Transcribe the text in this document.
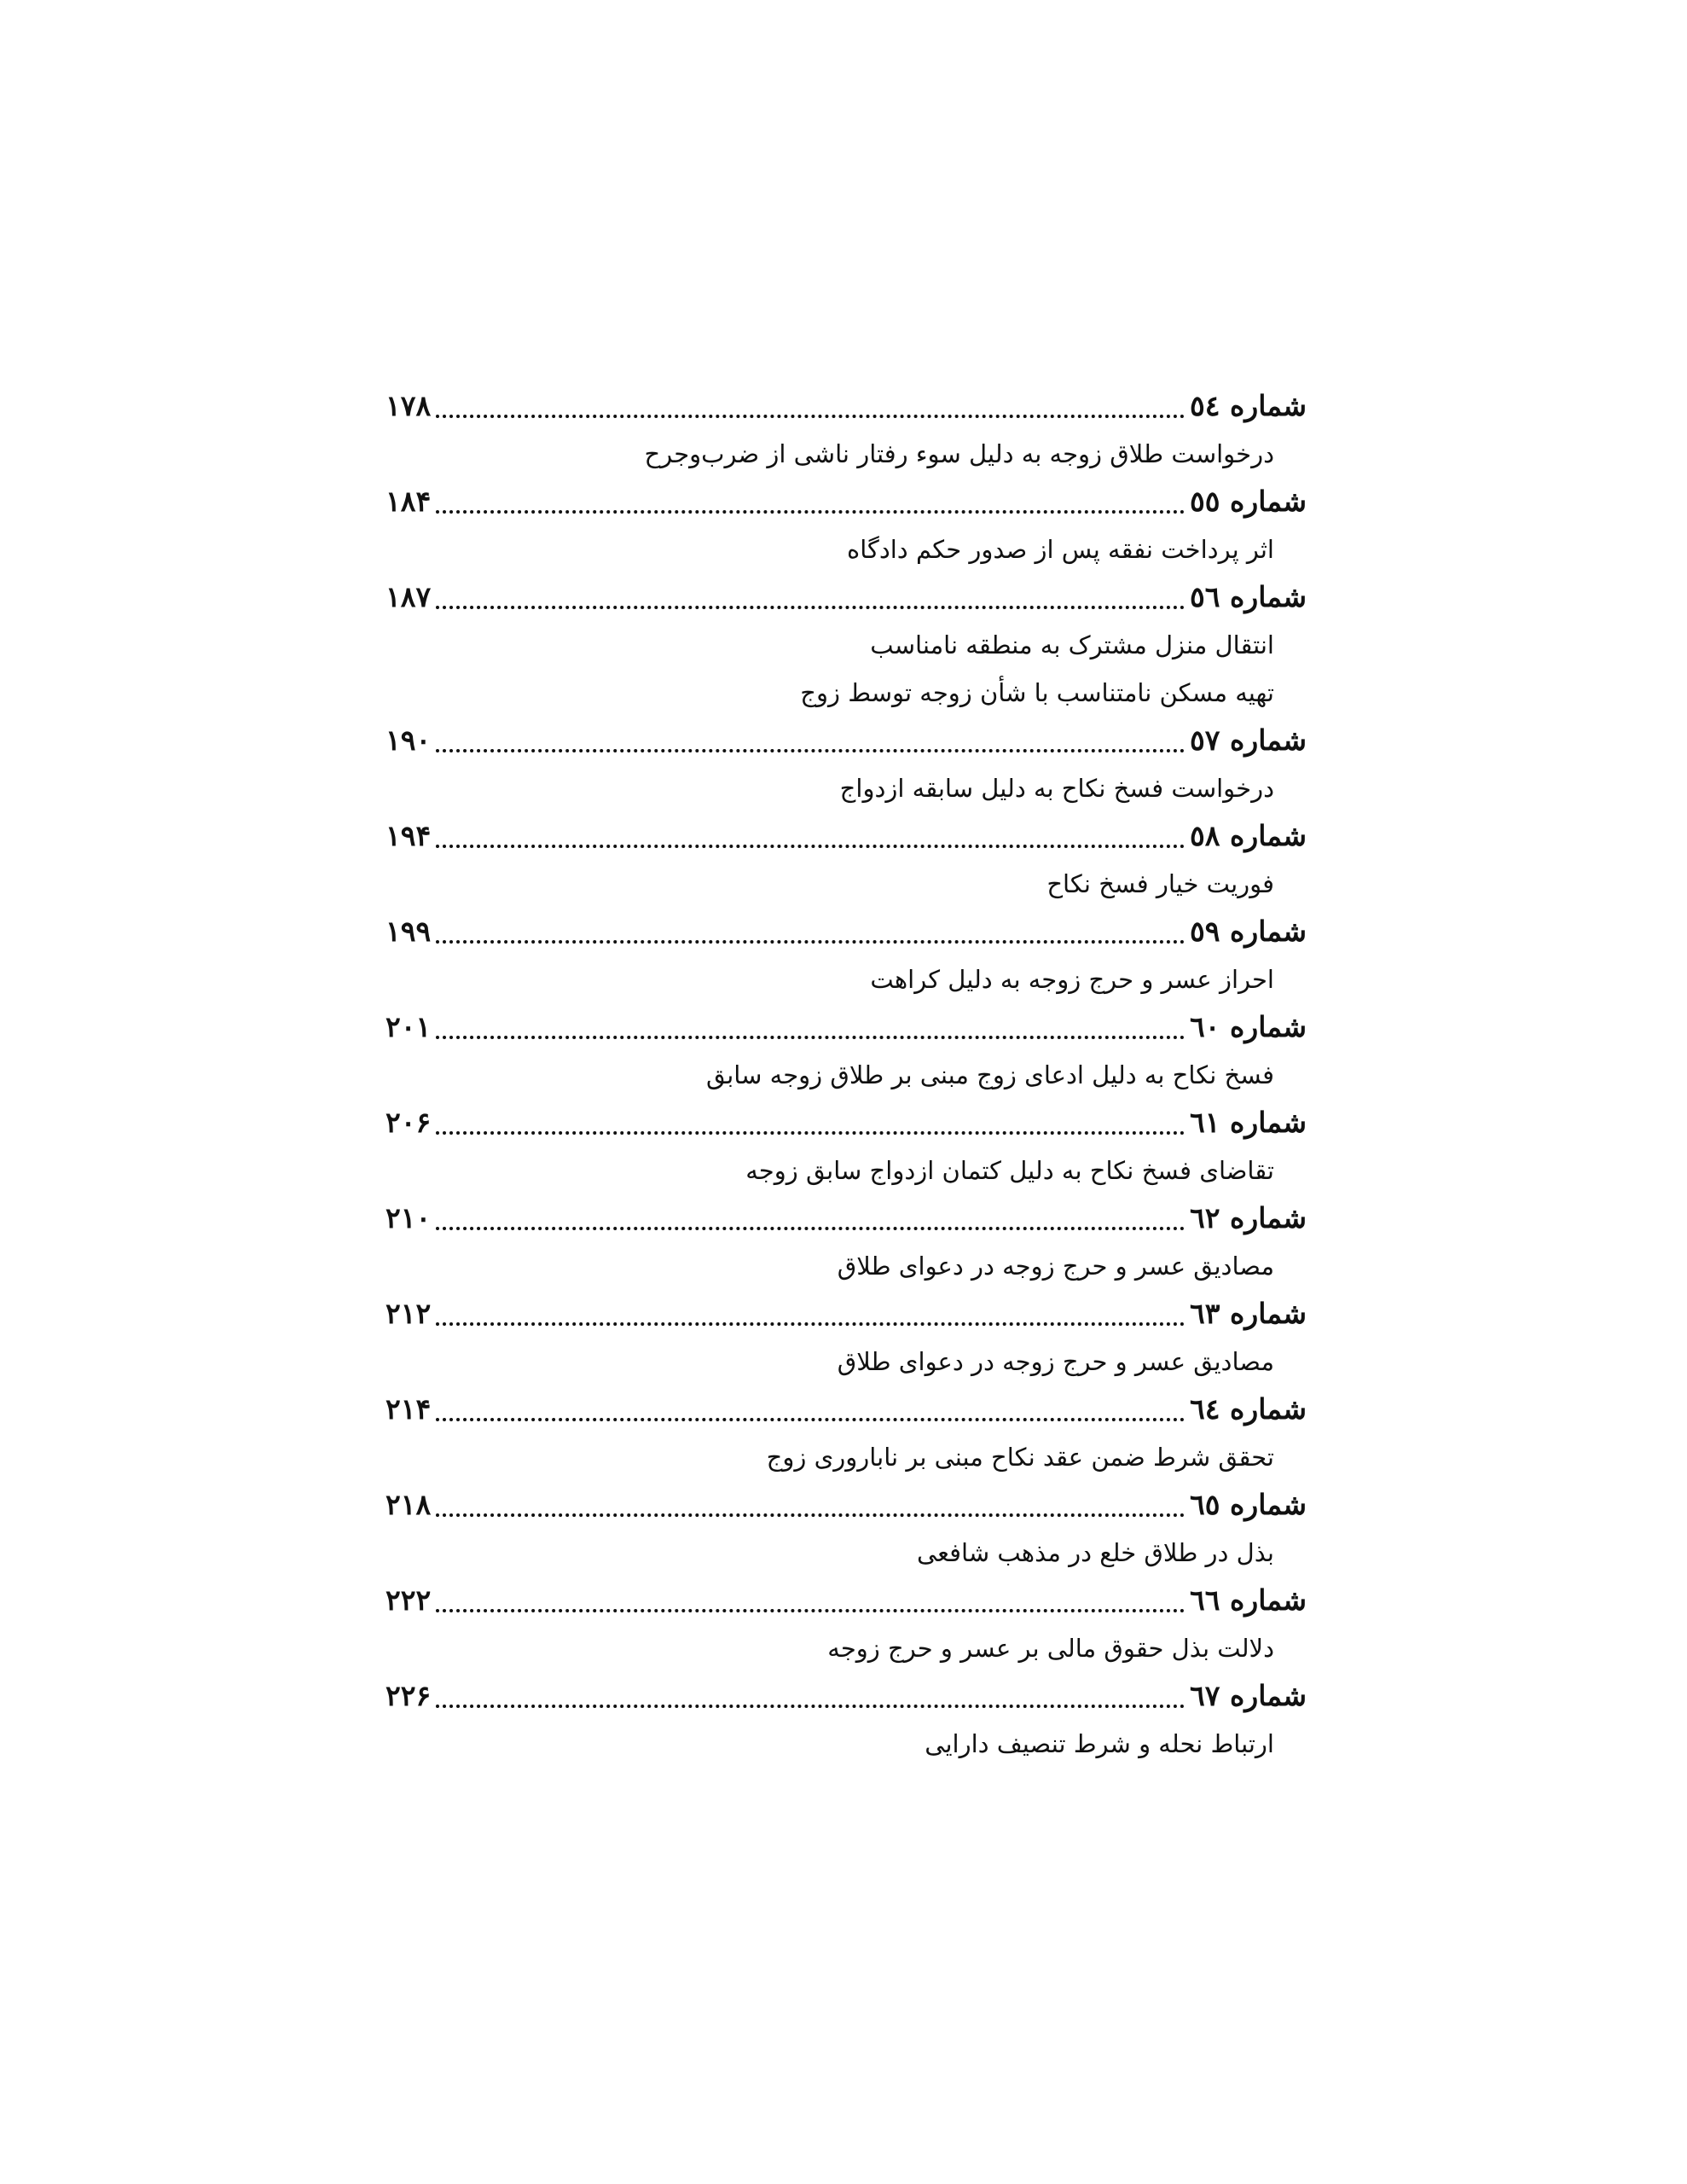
شماره ٥٤
۱۷۸
درخواست طلاق زوجه به دلیل سوء رفتار ناشی از ضرب‌وجرح
شماره ٥٥
۱۸۴
اثر پرداخت نفقه پس از صدور حکم دادگاه
شماره ٥٦
۱۸۷
انتقال منزل مشترک به منطقه نامناسب
تهیه مسکن نامتناسب با شأن زوجه توسط زوج
شماره ٥٧
۱۹۰
درخواست فسخ نکاح به دلیل سابقه ازدواج
شماره ٥٨
۱۹۴
فوریت خیار فسخ نکاح
شماره ٥٩
۱۹۹
احراز عسر و حرج زوجه به دلیل کراهت
شماره ٦٠
۲۰۱
فسخ نکاح به دلیل ادعای زوج مبنی بر طلاق زوجه سابق
شماره ٦١
۲۰۶
تقاضای فسخ نکاح به دلیل کتمان ازدواج سابق زوجه
شماره ٦٢
۲۱۰
مصادیق عسر و حرج زوجه در دعوای طلاق
شماره ٦٣
۲۱۲
مصادیق عسر و حرج زوجه در دعوای طلاق
شماره ٦٤
۲۱۴
تحقق شرط ضمن عقد نکاح مبنی بر ناباروری زوج
شماره ٦٥
۲۱۸
بذل در طلاق خلع در مذهب شافعی
شماره ٦٦
۲۲۲
دلالت بذل حقوق مالی بر عسر و حرج زوجه
شماره ٦٧
۲۲۶
ارتباط نحله و شرط تنصیف دارایی
